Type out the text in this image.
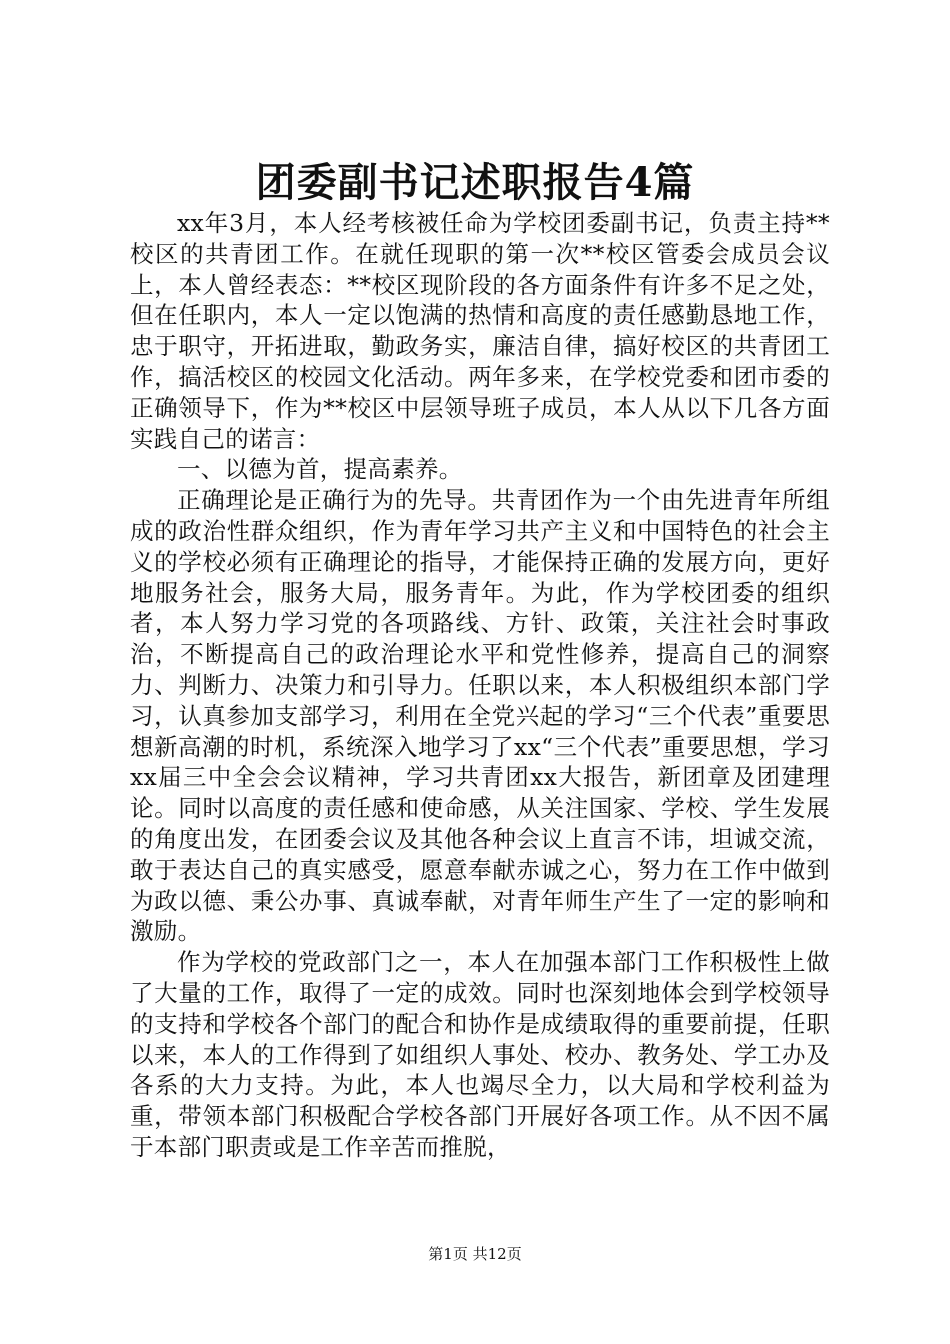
团委副书记述职报告4篇

xx年3月，本人经考核被任命为学校团委副书记，负责主持**校区的共青团工作。在就任现职的第一次**校区管委会成员会议上，本人曾经表态：**校区现阶段的各方面条件有许多不足之处，但在任职内，本人一定以饱满的热情和高度的责任感勤恳地工作，忠于职守，开拓进取，勤政务实，廉洁自律，搞好校区的共青团工作，搞活校区的校园文化活动。两年多来，在学校党委和团市委的正确领导下，作为**校区中层领导班子成员，本人从以下几各方面实践自己的诺言：

一、以德为首，提高素养。

正确理论是正确行为的先导。共青团作为一个由先进青年所组成的政治性群众组织，作为青年学习共产主义和中国特色的社会主义的学校必须有正确理论的指导，才能保持正确的发展方向，更好地服务社会，服务大局，服务青年。为此，作为学校团委的组织者，本人努力学习党的各项路线、方针、政策，关注社会时事政治，不断提高自己的政治理论水平和党性修养，提高自己的洞察力、判断力、决策力和引导力。任职以来，本人积极组织本部门学习，认真参加支部学习，利用在全党兴起的学习“三个代表”重要思想新高潮的时机，系统深入地学习了xx“三个代表”重要思想，学习xx届三中全会会议精神，学习共青团xx大报告，新团章及团建理论。同时以高度的责任感和使命感，从关注国家、学校、学生发展的角度出发，在团委会议及其他各种会议上直言不讳，坦诚交流，敢于表达自己的真实感受，愿意奉献赤诚之心，努力在工作中做到为政以德、秉公办事、真诚奉献，对青年师生产生了一定的影响和激励。

作为学校的党政部门之一，本人在加强本部门工作积极性上做了大量的工作，取得了一定的成效。同时也深刻地体会到学校领导的支持和学校各个部门的配合和协作是成绩取得的重要前提，任职以来，本人的工作得到了如组织人事处、校办、教务处、学工办及各系的大力支持。为此，本人也竭尽全力，以大局和学校利益为重，带领本部门积极配合学校各部门开展好各项工作。从不因不属于本部门职责或是工作辛苦而推脱，

第1页 共12页
